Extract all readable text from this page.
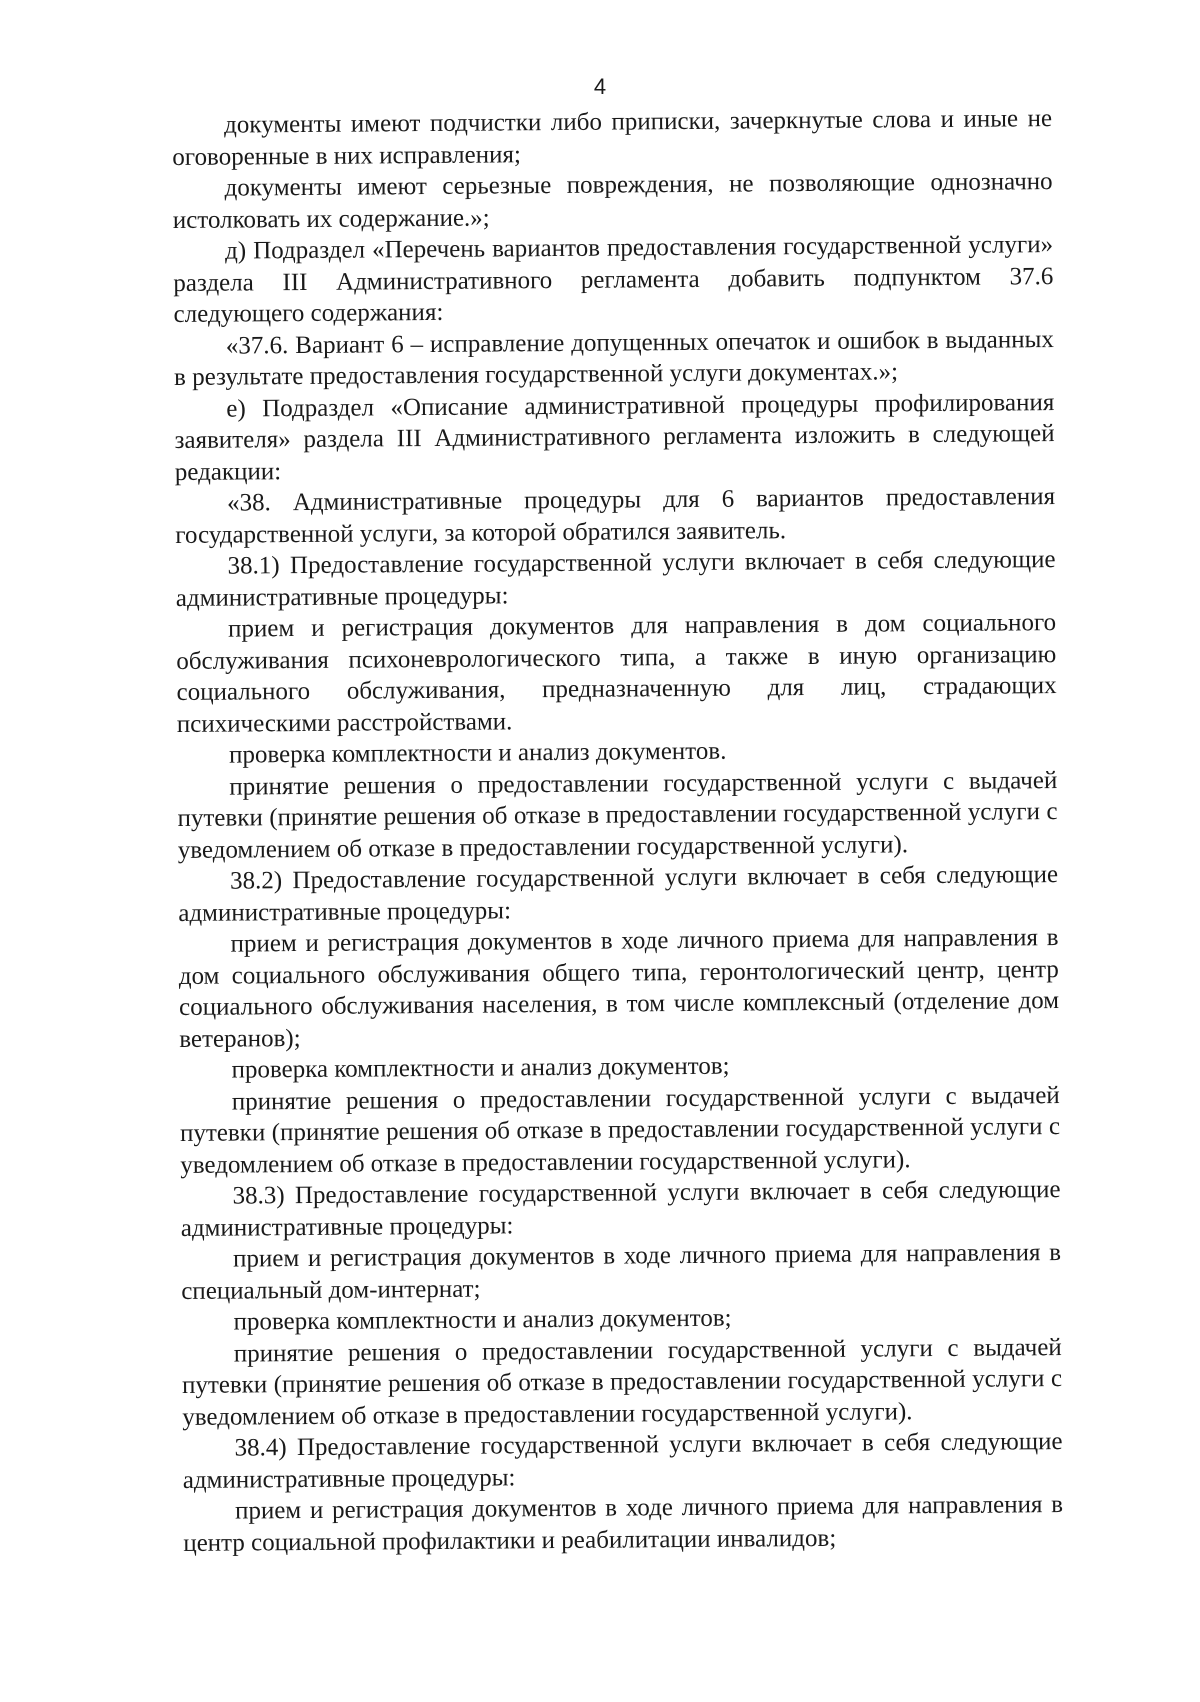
4

документы имеют подчистки либо приписки, зачеркнутые слова и иные не оговоренные в них исправления;

документы имеют серьезные повреждения, не позволяющие однозначно истолковать их содержание.»;

д) Подраздел «Перечень вариантов предоставления государственной услуги» раздела III Административного регламента добавить подпунктом 37.6 следующего содержания:

«37.6. Вариант 6 – исправление допущенных опечаток и ошибок в выданных в результате предоставления государственной услуги документах.»;

е) Подраздел «Описание административной процедуры профилирования заявителя» раздела III Административного регламента изложить в следующей редакции:

«38. Административные процедуры для 6 вариантов предоставления государственной услуги, за которой обратился заявитель.

38.1) Предоставление государственной услуги включает в себя следующие административные процедуры:

прием и регистрация документов для направления в дом социального обслуживания психоневрологического типа, а также в иную организацию социального обслуживания, предназначенную для лиц, страдающих психическими расстройствами.

проверка комплектности и анализ документов.

принятие решения о предоставлении государственной услуги с выдачей путевки (принятие решения об отказе в предоставлении государственной услуги с уведомлением об отказе в предоставлении государственной услуги).

38.2) Предоставление государственной услуги включает в себя следующие административные процедуры:

прием и регистрация документов в ходе личного приема для направления в дом социального обслуживания общего типа, геронтологический центр, центр социального обслуживания населения, в том числе комплексный (отделение дом ветеранов);

проверка комплектности и анализ документов;

принятие решения о предоставлении государственной услуги с выдачей путевки (принятие решения об отказе в предоставлении государственной услуги с уведомлением об отказе в предоставлении государственной услуги).

38.3) Предоставление государственной услуги включает в себя следующие административные процедуры:

прием и регистрация документов в ходе личного приема для направления в специальный дом-интернат;

проверка комплектности и анализ документов;

принятие решения о предоставлении государственной услуги с выдачей путевки (принятие решения об отказе в предоставлении государственной услуги с уведомлением об отказе в предоставлении государственной услуги).

38.4) Предоставление государственной услуги включает в себя следующие административные процедуры:

прием и регистрация документов в ходе личного приема для направления в центр социальной профилактики и реабилитации инвалидов;
